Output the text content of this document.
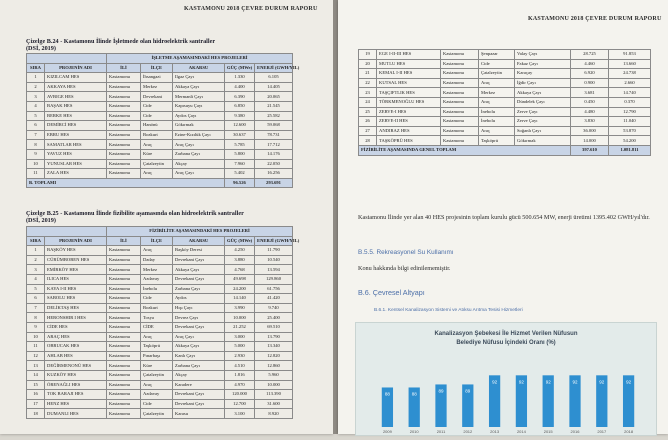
KASTAMONU 2018 ÇEVRE DURUM RAPORU
Çizelge B.24 - Kastamonu İlinde İşletmede olan hidroelektrik santraller
(DSİ, 2019)
		İŞLETME AŞAMASINDAKİ HES PROJELERİ				
SIRA	PROJENİN ADI	İLİ	İLÇE	AKARSU	GÜÇ (MWe)	ENERJİ (GWH/YIL)
1	KIZILCAM HES	Kastamonu	İhsangazi	Ilgaz Çayı	1.330	6.105
2	AKKAYA HES	Kastamonu	Merkez	Akkaya Çayı	4.400	14.405
3	AVBIGE HES	Kastamonu	Devrekani	Mermanli Çayı	6.390	20.065
4	BAŞAK HES	Kastamonu	Cide	Kapısuyu Çayı	6.850	21.545
5	BERKE HES	Kastamonu	Cide	Aydos Çayı	9.380	25.582
6	DEMİRCİ HES	Kastamonu	Hanönü	Gökırmak	12.600	59.068
7	EBRU HES	Kastamonu	Bozkurt	Ezine-Kızılük Çayı	30.637	78.731
8	SAMATLAR HES	Kastamonu	Araç	Araç Çayı	5.785	17.712
9	YAVUZ HES	Kastamonu	Küre	Zarbana Çayı	5.800	14.176
10	YUNUSLAR HES	Kastamonu	Çatalzeytin	Akçay	7.960	22.050
11	ZALA HES	Kastamonu	Araç	Araç Çayı	5.402	16.256
B. TOPLAMI					96.526	293.691
Çizelge B.25 - Kastamonu İlinde fizibilite aşamasında olan hidroelektrik santraller
(DSİ, 2019)
		FİZİBİLİTE AŞAMASINDAKİ HES PROJELERİ				
SIRA	PROJENİN ADI	İLİ	İLÇE	AKARSU	GÜÇ (MWe)	ENERJİ (GWH/YIL)
1	BAŞKÖY HES	Kastamonu	Araç	Başköy Deresi	4.250	11.790
2	CÜRÜMBOBEN HES	Kastamonu	Daday	Devrekani Çayı	3.880	10.540
3	EMİRKÖY HES	Kastamonu	Merkez	Akkaya Çayı	4.768	13.594
4	ILICA HES	Kastamonu	Azdavay	Devrekani Çayı	49.698	129.860
5	KAYA I-II HES	Kastamonu	İnebolu	Zarbana Çayı	24.200	61.756
6	SABOLU HES	Kastamonu	Cide	Aydos	14.140	41.420
7	DELİKTAŞ HES	Kastamonu	Bozkurt	Hışı Çayı	3.990	9.740
8	HERONSHIR I HES	Kastamonu	Tosya	Devrez Çayı	10.000	25.400
9	CİDE HES	Kastamonu	CİDE	Devrekani Çayı	21.252	69.510
10	ARAÇ HES	Kastamonu	Araç	Araç Çayı	3.000	13.790
11	OBRUCAK HES	Kastamonu	Taşköprü	Akkaya Çayı	5.000	13.340
12	AHLAB HES	Kastamonu	Pınarbaşı	Kanlı Çayı	2.930	12.820
13	DEĞİRMENONÜ HES	Kastamonu	Küre	Zarbana Çayı	4.510	12.860
14	KUZKÖY HES	Kastamonu	Çatalzeytin	Akçay	1.816	5.960
15	ÖRENAĞLI HES	Kastamonu	Araç	Karadere	4.970	10.000
16	TOK BARAJI HES	Kastamonu	Azdavay	Devrekani Çayı	120.000	113.390
17	HENZ HES	Kastamonu	Cide	Devrekani Çayı	12.700	31.600
18	DUMANLI HES	Kastamonu	Çatalzeytin	Karasu	3.100	8.920
KASTAMONU 2018 ÇEVRE DURUM RAPORU
19	EGE I-II-III HES	Kastamonu	Şenpazar	Valay Çayı	28.725	91.853
20	MUTLU HES	Kastamonu	Cide	Fakaz Çayı	4.460	13.660
21	KEMAL I-II HES	Kastamonu	Çatalzeytin	Karaçay	6.920	24.738
22	KUTSAL HES	Kastamonu	Araç	İğdir Çayı	0.900	2.660
23	TAŞÇIFTLIK HES	Kastamonu	Merkez	Akkaya Çayı	3.681	14.740
24	TÖRKMENOĞLU HES	Kastamonu	Araç	Dündelek Çayı	0.450	0.370
25	ZERVE-I HES	Kastamonu	İnebolu	Zerve Çayı	4.480	12.790
26	ZERVE-II HES	Kastamonu	İnebolu	Zerve Çayı	3.830	11.040
27	ANDIRAZ HES	Kastamonu	Araç	Soğanlı Çayı	36.000	53.870
28	TAŞKÖPRÜ HES	Kastamonu	Taşköprü	Gökırmak	14.000	54.200
FİZİBİLİTE AŞAMASINDA GENEL TOPLAM					397.610	1.081.811
Kastamonu İlinde yer alan 40 HES projesinin toplam kurulu gücü 500.654 MW, enerji üretimi 1395.402 GWH/yıl'dır.
B.5.5. Rekreasyonel Su Kullanımı
Konu hakkında bilgi edinilememiştir.
B.6. Çevresel Altyapı
B.6.1. Kentsel Kanalizasyon Sistemi ve Atıksu Arıtma Tesisi Hizmetleri
Kanalizasyon Şebekesi İle Hizmet Verilen Nüfusun
Belediye Nüfusu İçindeki Oranı (%)
88
2009
88
2010
89
2011
89
2012
92
2013
92
2014
92
2015
92
2016
92
2017
92
2018
